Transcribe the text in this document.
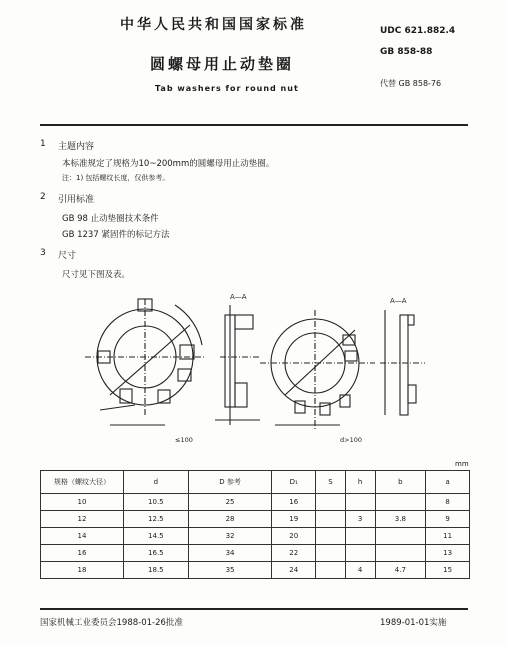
中华人民共和国国家标准	UDC 621.882.4
GB 858-88
代替 GB 858-76
圆螺母用止动垫圈
Tab washers for round nut
1 主题内容
本标准规定了规格为10~200mm的圆螺母用止动垫圈。
注：1) 包括螺纹长度，仅供参考。
2 引用标准
GB 98 止动垫圈技术条件
GB 1237 紧固件的标记方法
3 尺寸
尺寸见下图及表。
A—A	A—A
≤100	d>100
mm
规格（螺纹大径）	d	D 参考	D₁	S	h	b	a
10	10.5	25	16				8
12	12.5	28	19		3	3.8	9
14	14.5	32	20				11
16	16.5	34	22				13
18	18.5	35	24		4	4.7	15
国家机械工业委员会1988-01-26批准	1989-01-01实施
